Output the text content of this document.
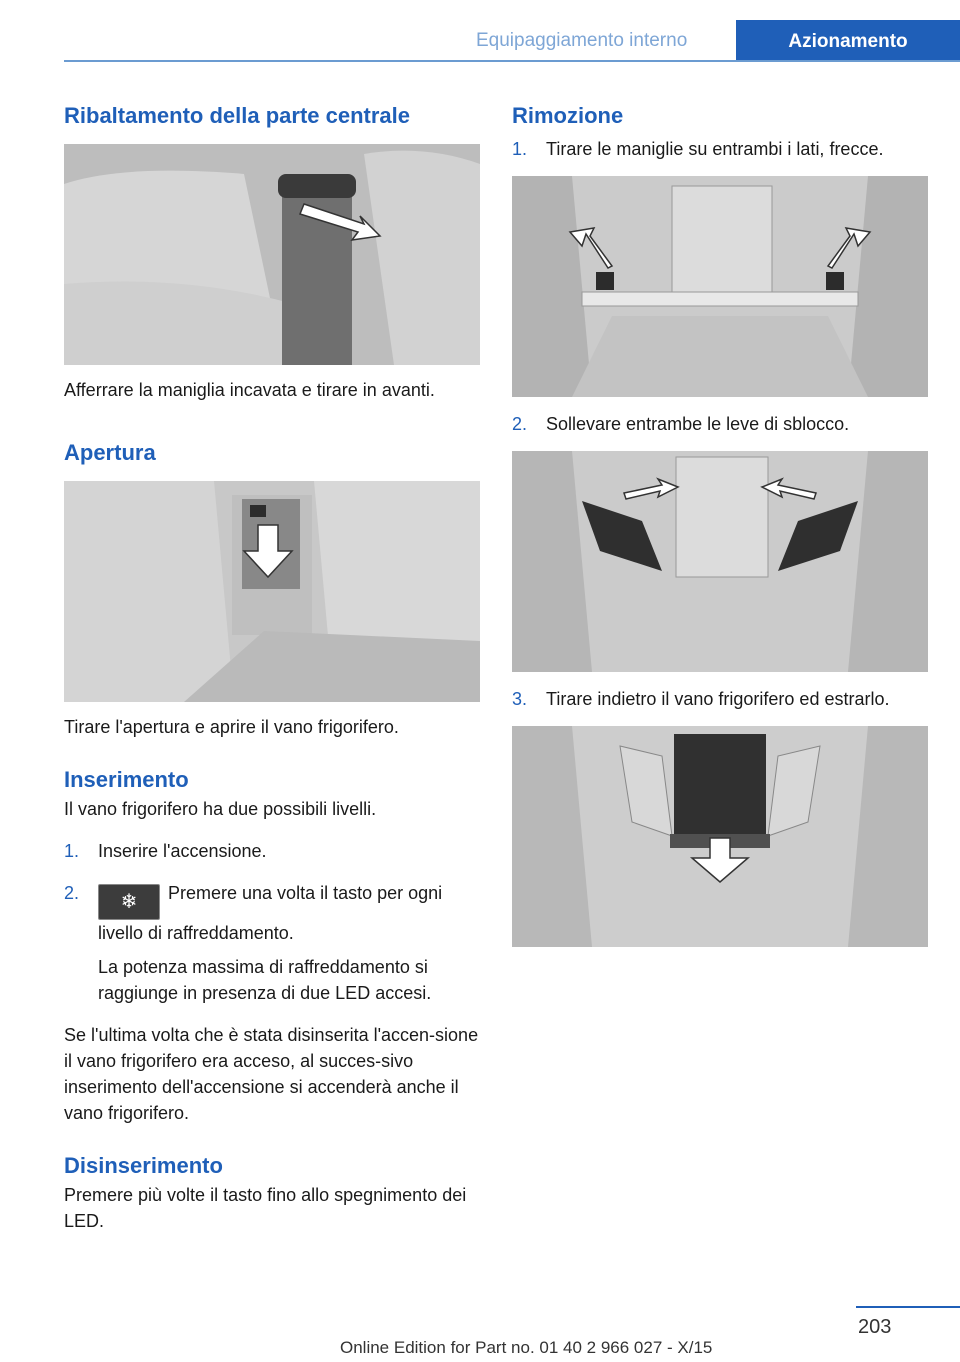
Equipaggiamento interno	Azionamento
Ribaltamento della parte centrale

Afferrare la maniglia incavata e tirare in avanti.

Apertura

Tirare l'apertura e aprire il vano frigorifero.

Inserimento

Il vano frigorifero ha due possibili livelli.

1. Inserire l'accensione.
2. ❄ Premere una volta il tasto per ogni livello di raffreddamento.

La potenza massima di raffreddamento si raggiunge in presenza di due LED accesi.

Se l'ultima volta che è stata disinserita l'accen-sione il vano frigorifero era acceso, al succes-sivo inserimento dell'accensione si accenderà anche il vano frigorifero.

Disinserimento

Premere più volte il tasto fino allo spegnimento dei LED.

Rimozione
1. Tirare le maniglie su entrambi i lati, frecce.
2. Sollevare entrambe le leve di sblocco.
3. Tirare indietro il vano frigorifero ed estrarlo.
203
Online Edition for Part no. 01 40 2 966 027 - X/15
